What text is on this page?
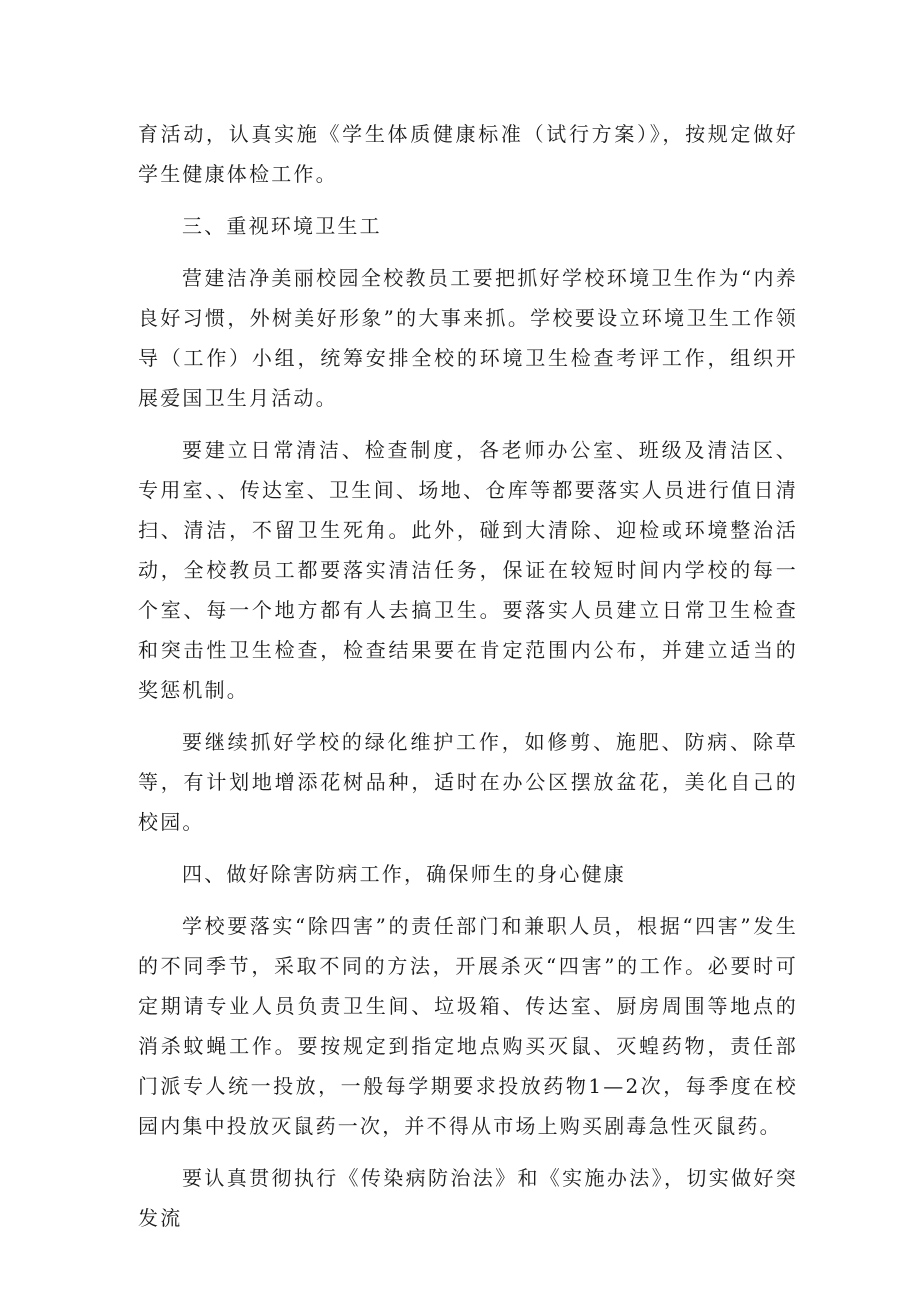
育活动，认真实施《学生体质健康标准（试行方案）》，按规定做好学生健康体检工作。

三、重视环境卫生工

营建洁净美丽校园全校教员工要把抓好学校环境卫生作为“内养良好习惯，外树美好形象”的大事来抓。学校要设立环境卫生工作领导（工作）小组，统筹安排全校的环境卫生检查考评工作，组织开展爱国卫生月活动。

要建立日常清洁、检查制度，各老师办公室、班级及清洁区、专用室、、传达室、卫生间、场地、仓库等都要落实人员进行值日清扫、清洁，不留卫生死角。此外，碰到大清除、迎检或环境整治活动，全校教员工都要落实清洁任务，保证在较短时间内学校的每一个室、每一个地方都有人去搞卫生。要落实人员建立日常卫生检查和突击性卫生检查，检查结果要在肯定范围内公布，并建立适当的奖惩机制。

要继续抓好学校的绿化维护工作，如修剪、施肥、防病、除草等，有计划地增添花树品种，适时在办公区摆放盆花，美化自己的校园。

四、做好除害防病工作，确保师生的身心健康

学校要落实“除四害”的责任部门和兼职人员，根据“四害”发生的不同季节，采取不同的方法，开展杀灭“四害”的工作。必要时可定期请专业人员负责卫生间、垃圾箱、传达室、厨房周围等地点的消杀蚊蝇工作。要按规定到指定地点购买灭鼠、灭蝗药物，责任部门派专人统一投放，一般每学期要求投放药物1—2次，每季度在校园内集中投放灭鼠药一次，并不得从市场上购买剧毒急性灭鼠药。

要认真贯彻执行《传染病防治法》和《实施办法》，切实做好突发流
